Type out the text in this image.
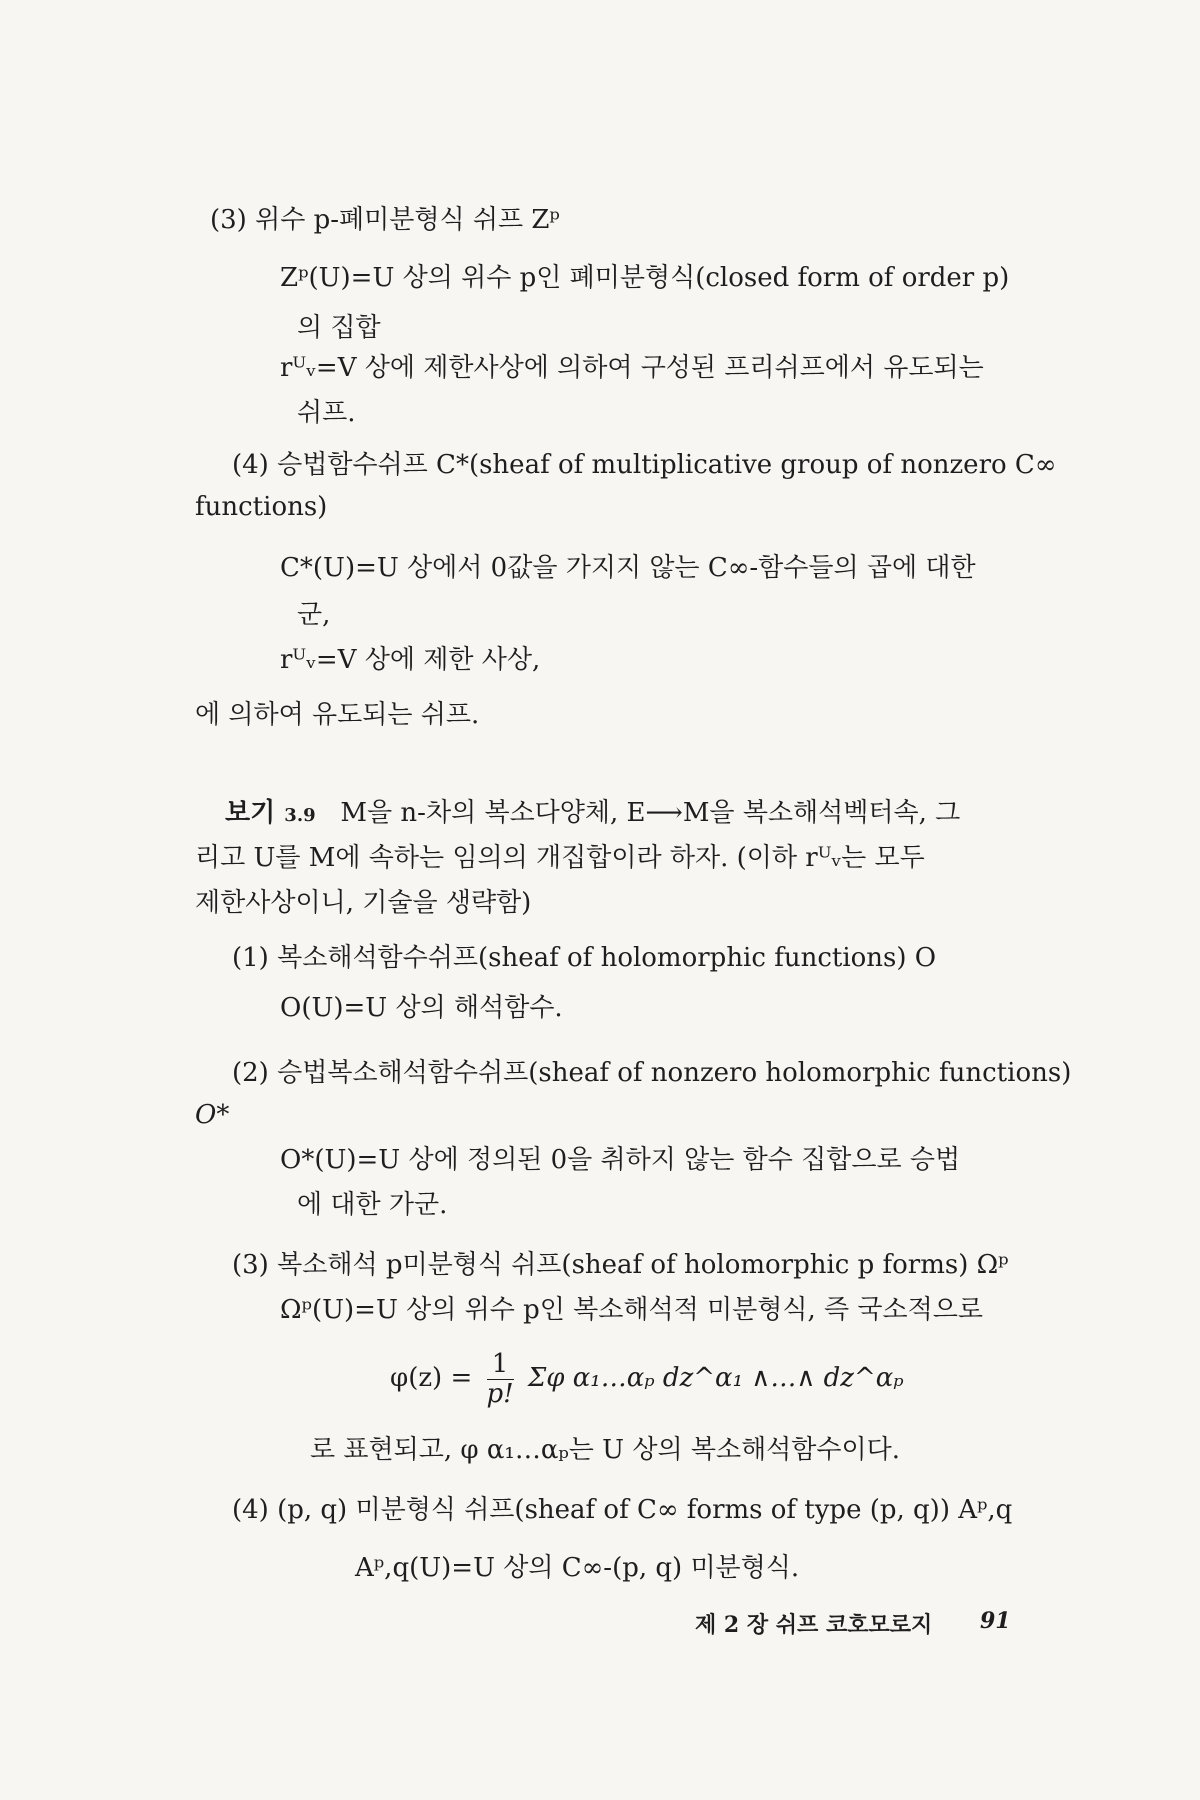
(3) 위수 p-폐미분형식 쉬프 Zᵖ
Zᵖ(U)=U 상의 위수 p인 폐미분형식(closed form of order p)
의 집합
rᵁᵥ=V 상에 제한사상에 의하여 구성된 프리쉬프에서 유도되는
쉬프.
(4) 승법함수쉬프 C*(sheaf of multiplicative group of nonzero C∞
functions)
C*(U)=U 상에서 0값을 가지지 않는 C∞-함수들의 곱에 대한
군,
rᵁᵥ=V 상에 제한 사상,
에 의하여 유도되는 쉬프.
보기 3.9 M을 n-차의 복소다양체, E⟶M을 복소해석벡터속, 그
리고 U를 M에 속하는 임의의 개집합이라 하자. (이하 rᵁᵥ는 모두
제한사상이니, 기술을 생략함)
(1) 복소해석함수쉬프(sheaf of holomorphic functions) O
O(U)=U 상의 해석함수.
(2) 승법복소해석함수쉬프(sheaf of nonzero holomorphic functions)
O*
O*(U)=U 상에 정의된 0을 취하지 않는 함수 집합으로 승법
에 대한 가군.
(3) 복소해석 p미분형식 쉬프(sheaf of holomorphic p forms) Ωᵖ
Ωᵖ(U)=U 상의 위수 p인 복소해석적 미분형식, 즉 국소적으로
$\varphi(z) = \frac{1}{p!}$ Σφ α₁…αₚ dz^α₁ ∧…∧ dz^αₚ
로 표현되고, φ α₁…αₚ는 U 상의 복소해석함수이다.
(4) (p, q) 미분형식 쉬프(sheaf of C∞ forms of type (p, q)) Aᵖ,q
Aᵖ,q(U)=U 상의 C∞-(p, q) 미분형식.
제 2 장 쉬프 코호모로지 91
